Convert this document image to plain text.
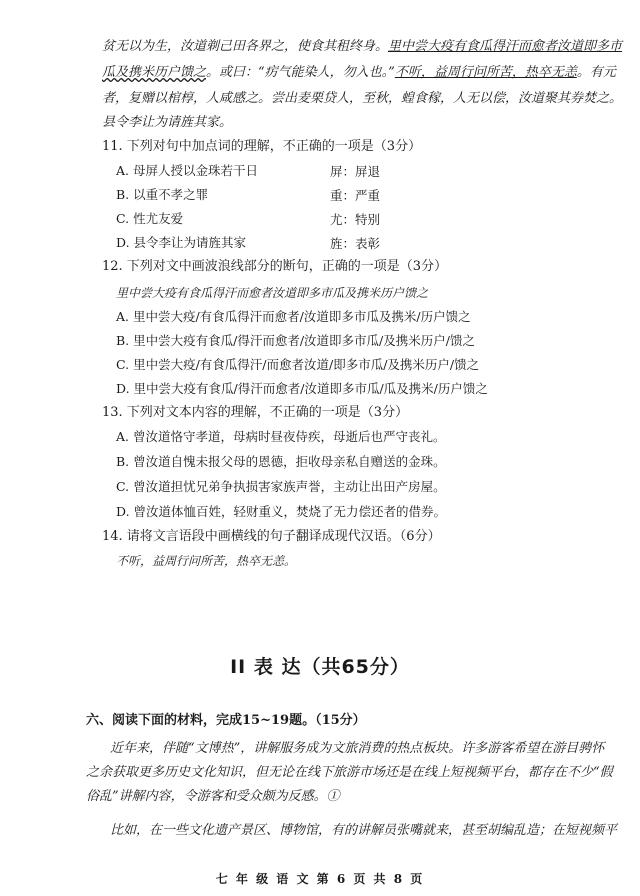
贫无以为生，汝道剃己田各界之，使食其租终身。里中尝大疫有食瓜得汗而愈者汝道即多市
瓜及携米历户馈之。或曰：“疠气能染人，勿入也。”不听，益周行问所苦，热卒无恙。有元
者，复赠以棺椁，人咸感之。尝出麦栗贷人，至秋，蝗食稼，人无以偿，汝道聚其券焚之。
县令李让为请旌其家。
11. 下列对句中加点词的理解，不正确的一项是（3分）
A. 母屏人授以金珠若干日	屏：屏退
B. 以重不孝之罪	重：严重
C. 性尤友爱	尤：特别
D. 县令李让为请旌其家	旌：表彰
12. 下列对文中画波浪线部分的断句，正确的一项是（3分）
里中尝大疫有食瓜得汗而愈者汝道即多市瓜及携米历户馈之
A. 里中尝大疫/有食瓜得汗而愈者/汝道即多市瓜及携米/历户馈之
B. 里中尝大疫有食瓜/得汗而愈者/汝道即多市瓜/及携米历户/馈之
C. 里中尝大疫/有食瓜得汗/而愈者汝道/即多市瓜/及携米历户/馈之
D. 里中尝大疫有食瓜/得汗而愈者/汝道即多市瓜/瓜及携米/历户馈之
13. 下列对文本内容的理解，不正确的一项是（3分）
A. 曾汝道恪守孝道，母病时昼夜侍疾，母逝后也严守丧礼。
B. 曾汝道自愧未报父母的恩德，拒收母亲私自赠送的金珠。
C. 曾汝道担忧兄弟争执损害家族声誉，主动让出田产房屋。
D. 曾汝道体恤百姓，轻财重义，焚烧了无力偿还者的借券。
14. 请将文言语段中画横线的句子翻译成现代汉语。（6分）
不听，益周行问所苦，热卒无恙。
II 表 达（共65分）
六、阅读下面的材料，完成15~19题。（15分）
近年来，伴随“文博热”，讲解服务成为文旅消费的热点板块。许多游客希望在游目骋怀
之余获取更多历史文化知识，但无论在线下旅游市场还是在线上短视频平台，都存在不少“假
俗乱”讲解内容，令游客和受众颇为反感。①
比如，在一些文化遗产景区、博物馆，有的讲解员张嘴就来，甚至胡编乱造；在短视频平
七 年 级 语 文 第 6 页 共 8 页
